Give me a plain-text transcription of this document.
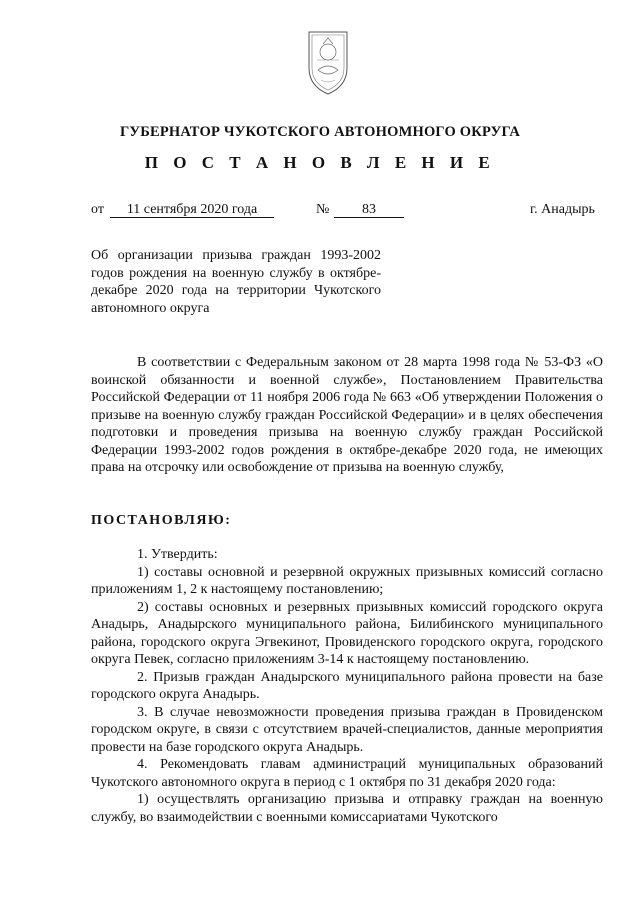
ГУБЕРНАТОР ЧУКОТСКОГО АВТОНОМНОГО ОКРУГА
П О С Т А Н О В Л Е Н И Е
от	11 сентября 2020 года	№	83	г. Анадырь
Об организации призыва граждан 1993-2002 годов рождения на военную службу в октябре-декабре 2020 года на территории Чукотского автономного округа

В соответствии с Федеральным законом от 28 марта 1998 года № 53-ФЗ «О воинской обязанности и военной службе», Постановлением Правительства Российской Федерации от 11 ноября 2006 года № 663 «Об утверждении Положения о призыве на военную службу граждан Российской Федерации» и в целях обеспечения подготовки и проведения призыва на военную службу граждан Российской Федерации 1993-2002 годов рождения в октябре-декабре 2020 года, не имеющих права на отсрочку или освобождение от призыва на военную службу,

ПОСТАНОВЛЯЮ:

1. Утвердить:

1) составы основной и резервной окружных призывных комиссий согласно приложениям 1, 2 к настоящему постановлению;

2) составы основных и резервных призывных комиссий городского округа Анадырь, Анадырского муниципального района, Билибинского муниципального района, городского округа Эгвекинот, Провиденского городского округа, городского округа Певек, согласно приложениям 3-14 к настоящему постановлению.

2. Призыв граждан Анадырского муниципального района провести на базе городского округа Анадырь.

3. В случае невозможности проведения призыва граждан в Провиденском городском округе, в связи с отсутствием врачей-специалистов, данные мероприятия провести на базе городского округа Анадырь.

4. Рекомендовать главам администраций муниципальных образований Чукотского автономного округа в период с 1 октября по 31 декабря 2020 года:

1) осуществлять организацию призыва и отправку граждан на военную службу, во взаимодействии с военными комиссариатами Чукотского
